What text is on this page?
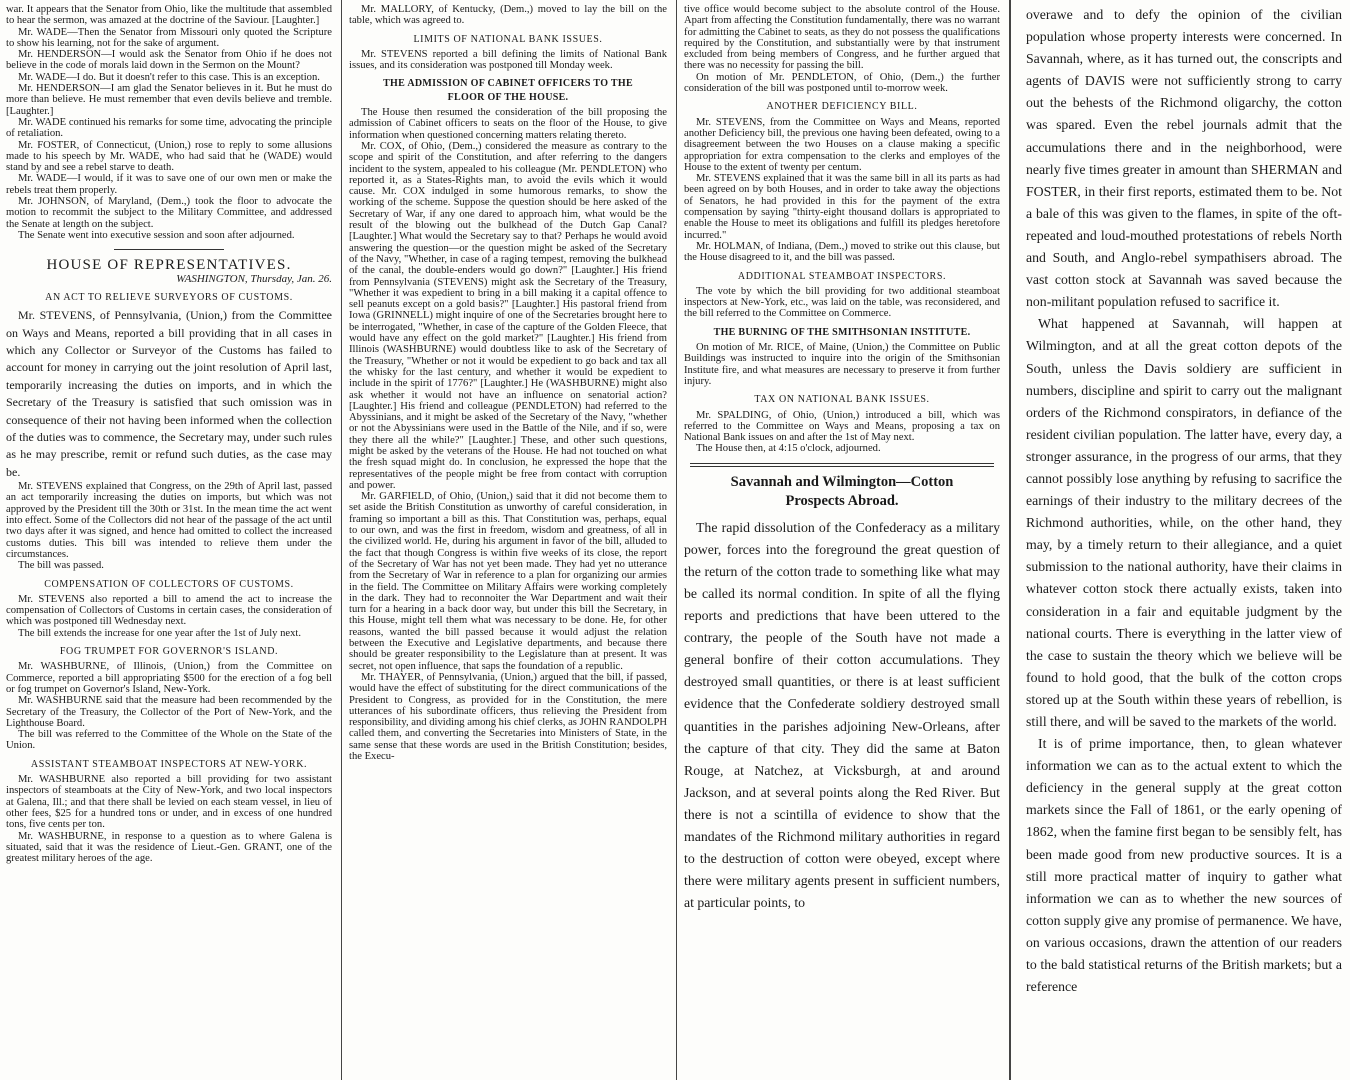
war. It appears that the Senator from Ohio, like the multitude that assembled to hear the sermon, was amazed at the doctrine of the Saviour. [Laughter.]

Mr. WADE—Then the Senator from Missouri only quoted the Scripture to show his learning, not for the sake of argument.

Mr. HENDERSON—I would ask the Senator from Ohio if he does not believe in the code of morals laid down in the Sermon on the Mount?

Mr. WADE—I do. But it doesn't refer to this case. This is an exception.

Mr. HENDERSON—I am glad the Senator believes in it. But he must do more than believe. He must remember that even devils believe and tremble. [Laughter.]

Mr. WADE continued his remarks for some time, advocating the principle of retaliation.

Mr. FOSTER, of Connecticut, (Union,) rose to reply to some allusions made to his speech by Mr. WADE, who had said that he (WADE) would stand by and see a rebel starve to death.

Mr. WADE—I would, if it was to save one of our own men or make the rebels treat them properly.

Mr. JOHNSON, of Maryland, (Dem.,) took the floor to advocate the motion to recommit the subject to the Military Committee, and addressed the Senate at length on the subject.

The Senate went into executive session and soon after adjourned.

HOUSE OF REPRESENTATIVES.
WASHINGTON, Thursday, Jan. 26.
AN ACT TO RELIEVE SURVEYORS OF CUSTOMS.

Mr. STEVENS, of Pennsylvania, (Union,) from the Committee on Ways and Means, reported a bill providing that in all cases in which any Collector or Surveyor of the Customs has failed to account for money in carrying out the joint resolution of April last, temporarily increasing the duties on imports, and in which the Secretary of the Treasury is satisfied that such omission was in consequence of their not having been informed when the collection of the duties was to commence, the Secretary may, under such rules as he may prescribe, remit or refund such duties, as the case may be.

Mr. STEVENS explained that Congress, on the 29th of April last, passed an act temporarily increasing the duties on imports, but which was not approved by the President till the 30th or 31st. In the mean time the act went into effect. Some of the Collectors did not hear of the passage of the act until two days after it was signed, and hence had omitted to collect the increased customs duties. This bill was intended to relieve them under the circumstances.

The bill was passed.

COMPENSATION OF COLLECTORS OF CUSTOMS.

Mr. STEVENS also reported a bill to amend the act to increase the compensation of Collectors of Customs in certain cases, the consideration of which was postponed till Wednesday next.

The bill extends the increase for one year after the 1st of July next.

FOG TRUMPET FOR GOVERNOR'S ISLAND.

Mr. WASHBURNE, of Illinois, (Union,) from the Committee on Commerce, reported a bill appropriating $500 for the erection of a fog bell or fog trumpet on Governor's Island, New-York.

Mr. WASHBURNE said that the measure had been recommended by the Secretary of the Treasury, the Collector of the Port of New-York, and the Lighthouse Board.

The bill was referred to the Committee of the Whole on the State of the Union.

ASSISTANT STEAMBOAT INSPECTORS AT NEW-YORK.

Mr. WASHBURNE also reported a bill providing for two assistant inspectors of steamboats at the City of New-York, and two local inspectors at Galena, Ill.; and that there shall be levied on each steam vessel, in lieu of other fees, $25 for a hundred tons or under, and in excess of one hundred tons, five cents per ton.

Mr. WASHBURNE, in response to a question as to where Galena is situated, said that it was the residence of Lieut.-Gen. GRANT, one of the greatest military heroes of the age.

Mr. MALLORY, of Kentucky, (Dem.,) moved to lay the bill on the table, which was agreed to.

LIMITS OF NATIONAL BANK ISSUES.

Mr. STEVENS reported a bill defining the limits of National Bank issues, and its consideration was postponed till Monday week.

THE ADMISSION OF CABINET OFFICERS TO THE
FLOOR OF THE HOUSE.

The House then resumed the consideration of the bill proposing the admission of Cabinet officers to seats on the floor of the House, to give information when questioned concerning matters relating thereto.

Mr. COX, of Ohio, (Dem.,) considered the measure as contrary to the scope and spirit of the Constitution, and after referring to the dangers incident to the system, appealed to his colleague (Mr. PENDLETON) who reported it, as a States-Rights man, to avoid the evils which it would cause. Mr. COX indulged in some humorous remarks, to show the working of the scheme. Suppose the question should be here asked of the Secretary of War, if any one dared to approach him, what would be the result of the blowing out the bulkhead of the Dutch Gap Canal? [Laughter.] What would the Secretary say to that? Perhaps he would avoid answering the question—or the question might be asked of the Secretary of the Navy, "Whether, in case of a raging tempest, removing the bulkhead of the canal, the double-enders would go down?" [Laughter.] His friend from Pennsylvania (STEVENS) might ask the Secretary of the Treasury, "Whether it was expedient to bring in a bill making it a capital offence to sell peanuts except on a gold basis?" [Laughter.] His pastoral friend from Iowa (GRINNELL) might inquire of one of the Secretaries brought here to be interrogated, "Whether, in case of the capture of the Golden Fleece, that would have any effect on the gold market?" [Laughter.] His friend from Illinois (WASHBURNE) would doubtless like to ask of the Secretary of the Treasury, "Whether or not it would be expedient to go back and tax all the whisky for the last century, and whether it would be expedient to include in the spirit of 1776?" [Laughter.] He (WASHBURNE) might also ask whether it would not have an influence on senatorial action? [Laughter.] His friend and colleague (PENDLETON) had referred to the Abyssinians, and it might be asked of the Secretary of the Navy, "whether or not the Abyssinians were used in the Battle of the Nile, and if so, were they there all the while?" [Laughter.] These, and other such questions, might be asked by the veterans of the House. He had not touched on what the fresh squad might do. In conclusion, he expressed the hope that the representatives of the people might be free from contact with corruption and power.

Mr. GARFIELD, of Ohio, (Union,) said that it did not become them to set aside the British Constitution as unworthy of careful consideration, in framing so important a bill as this. That Constitution was, perhaps, equal to our own, and was the first in freedom, wisdom and greatness, of all in the civilized world. He, during his argument in favor of the bill, alluded to the fact that though Congress is within five weeks of its close, the report of the Secretary of War has not yet been made. They had yet no utterance from the Secretary of War in reference to a plan for organizing our armies in the field. The Committee on Military Affairs were working completely in the dark. They had to reconnoiter the War Department and wait their turn for a hearing in a back door way, but under this bill the Secretary, in this House, might tell them what was necessary to be done. He, for other reasons, wanted the bill passed because it would adjust the relation between the Executive and Legislative departments, and because there should be greater responsibility to the Legislature than at present. It was secret, not open influence, that saps the foundation of a republic.

Mr. THAYER, of Pennsylvania, (Union,) argued that the bill, if passed, would have the effect of substituting for the direct communications of the President to Congress, as provided for in the Constitution, the mere utterances of his subordinate officers, thus relieving the President from responsibility, and dividing among his chief clerks, as JOHN RANDOLPH called them, and converting the Secretaries into Ministers of State, in the same sense that these words are used in the British Constitution; besides, the Execu-

tive office would become subject to the absolute control of the House. Apart from affecting the Constitution fundamentally, there was no warrant for admitting the Cabinet to seats, as they do not possess the qualifications required by the Constitution, and substantially were by that instrument excluded from being members of Congress, and he further argued that there was no necessity for passing the bill.

On motion of Mr. PENDLETON, of Ohio, (Dem.,) the further consideration of the bill was postponed until to-morrow week.

ANOTHER DEFICIENCY BILL.

Mr. STEVENS, from the Committee on Ways and Means, reported another Deficiency bill, the previous one having been defeated, owing to a disagreement between the two Houses on a clause making a specific appropriation for extra compensation to the clerks and employes of the House to the extent of twenty per centum.

Mr. STEVENS explained that it was the same bill in all its parts as had been agreed on by both Houses, and in order to take away the objections of Senators, he had provided in this for the payment of the extra compensation by saying "thirty-eight thousand dollars is appropriated to enable the House to meet its obligations and fulfill its pledges heretofore incurred."

Mr. HOLMAN, of Indiana, (Dem.,) moved to strike out this clause, but the House disagreed to it, and the bill was passed.

ADDITIONAL STEAMBOAT INSPECTORS.

The vote by which the bill providing for two additional steamboat inspectors at New-York, etc., was laid on the table, was reconsidered, and the bill referred to the Committee on Commerce.

THE BURNING OF THE SMITHSONIAN INSTITUTE.

On motion of Mr. RICE, of Maine, (Union,) the Committee on Public Buildings was instructed to inquire into the origin of the Smithsonian Institute fire, and what measures are necessary to preserve it from further injury.

TAX ON NATIONAL BANK ISSUES.

Mr. SPALDING, of Ohio, (Union,) introduced a bill, which was referred to the Committee on Ways and Means, proposing a tax on National Bank issues on and after the 1st of May next.

The House then, at 4:15 o'clock, adjourned.

Savannah and Wilmington—Cotton
Prospects Abroad.

The rapid dissolution of the Confederacy as a military power, forces into the foreground the great question of the return of the cotton trade to something like what may be called its normal condition. In spite of all the flying reports and predictions that have been uttered to the contrary, the people of the South have not made a general bonfire of their cotton accumulations. They destroyed small quantities, or there is at least sufficient evidence that the Confederate soldiery destroyed small quantities in the parishes adjoining New-Orleans, after the capture of that city. They did the same at Baton Rouge, at Natchez, at Vicksburgh, at and around Jackson, and at several points along the Red River. But there is not a scintilla of evidence to show that the mandates of the Richmond military authorities in regard to the destruction of cotton were obeyed, except where there were military agents present in sufficient numbers, at particular points, to

overawe and to defy the opinion of the civilian population whose property interests were concerned. In Savannah, where, as it has turned out, the conscripts and agents of DAVIS were not sufficiently strong to carry out the behests of the Richmond oligarchy, the cotton was spared. Even the rebel journals admit that the accumulations there and in the neighborhood, were nearly five times greater in amount than SHERMAN and FOSTER, in their first reports, estimated them to be. Not a bale of this was given to the flames, in spite of the oft-repeated and loud-mouthed protestations of rebels North and South, and Anglo-rebel sympathisers abroad. The vast cotton stock at Savannah was saved because the non-militant population refused to sacrifice it.

What happened at Savannah, will happen at Wilmington, and at all the great cotton depots of the South, unless the Davis soldiery are sufficient in numbers, discipline and spirit to carry out the malignant orders of the Richmond conspirators, in defiance of the resident civilian population. The latter have, every day, a stronger assurance, in the progress of our arms, that they cannot possibly lose anything by refusing to sacrifice the earnings of their industry to the military decrees of the Richmond authorities, while, on the other hand, they may, by a timely return to their allegiance, and a quiet submission to the national authority, have their claims in whatever cotton stock there actually exists, taken into consideration in a fair and equitable judgment by the national courts. There is everything in the latter view of the case to sustain the theory which we believe will be found to hold good, that the bulk of the cotton crops stored up at the South within these years of rebellion, is still there, and will be saved to the markets of the world.

It is of prime importance, then, to glean whatever information we can as to the actual extent to which the deficiency in the general supply at the great cotton markets since the Fall of 1861, or the early opening of 1862, when the famine first began to be sensibly felt, has been made good from new productive sources. It is a still more practical matter of inquiry to gather what information we can as to whether the new sources of cotton supply give any promise of permanence. We have, on various occasions, drawn the attention of our readers to the bald statistical returns of the British markets; but a reference
